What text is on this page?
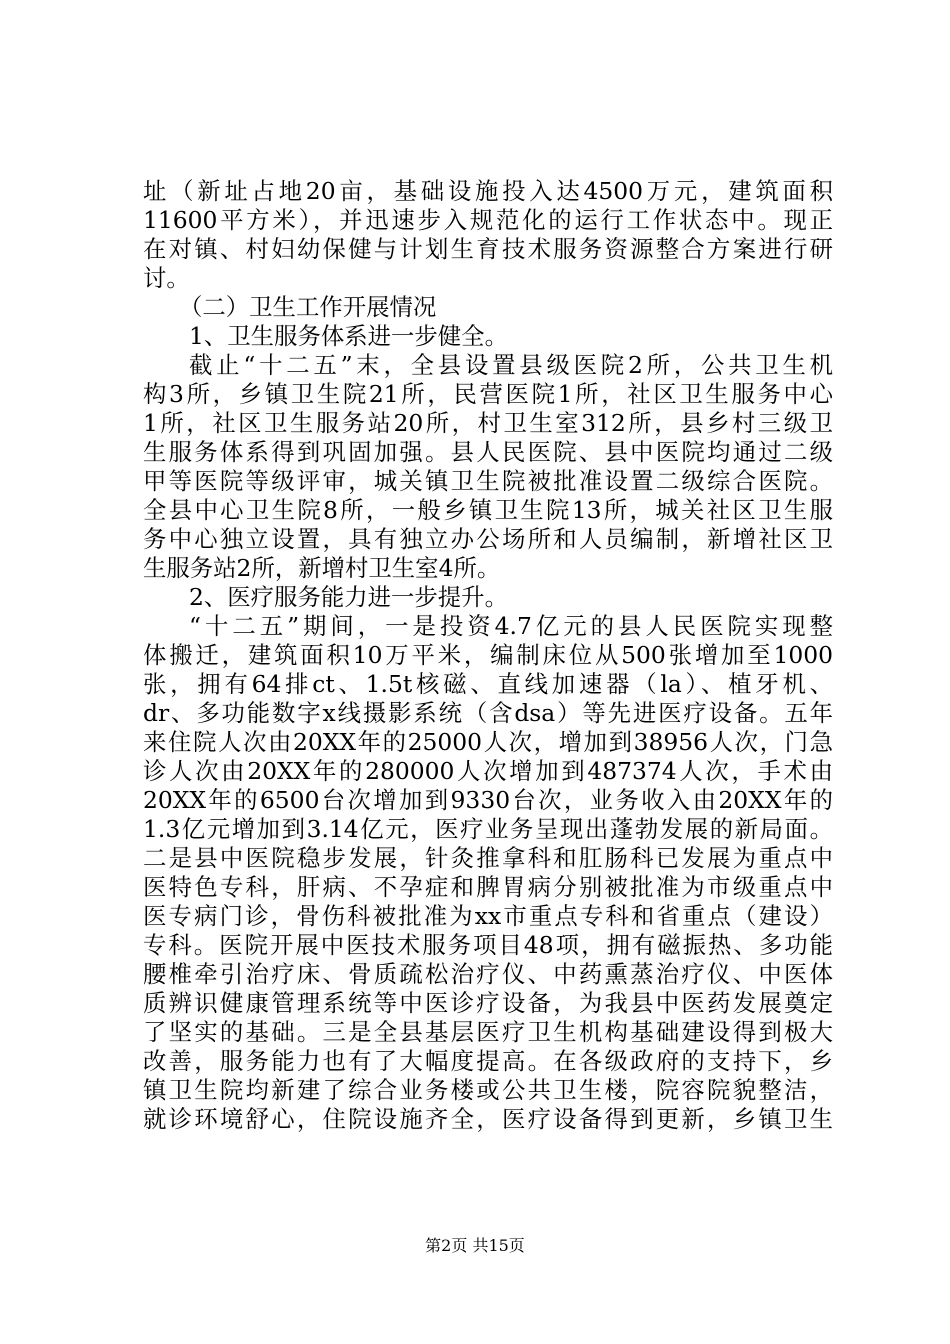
址（新址占地20亩，基础设施投入达4500万元，建筑面积
11600平方米），并迅速步入规范化的运行工作状态中。现正
在对镇、村妇幼保健与计划生育技术服务资源整合方案进行研
讨。
（二）卫生工作开展情况
1、卫生服务体系进一步健全。
截止“十二五”末，全县设置县级医院2所，公共卫生机
构3所，乡镇卫生院21所，民营医院1所，社区卫生服务中心
1所，社区卫生服务站20所，村卫生室312所，县乡村三级卫
生服务体系得到巩固加强。县人民医院、县中医院均通过二级
甲等医院等级评审，城关镇卫生院被批准设置二级综合医院。
全县中心卫生院8所，一般乡镇卫生院13所，城关社区卫生服
务中心独立设置，具有独立办公场所和人员编制，新增社区卫
生服务站2所，新增村卫生室4所。
2、医疗服务能力进一步提升。
“十二五”期间，一是投资4.7亿元的县人民医院实现整
体搬迁，建筑面积10万平米，编制床位从500张增加至1000
张，拥有64排ct、1.5t核磁、直线加速器（la）、植牙机、
dr、多功能数字x线摄影系统（含dsa）等先进医疗设备。五年
来住院人次由20XX年的25000人次，增加到38956人次，门急
诊人次由20XX年的280000人次增加到487374人次，手术由
20XX年的6500台次增加到9330台次，业务收入由20XX年的
1.3亿元增加到3.14亿元，医疗业务呈现出蓬勃发展的新局面。
二是县中医院稳步发展，针灸推拿科和肛肠科已发展为重点中
医特色专科，肝病、不孕症和脾胃病分别被批准为市级重点中
医专病门诊，骨伤科被批准为xx市重点专科和省重点（建设）
专科。医院开展中医技术服务项目48项，拥有磁振热、多功能
腰椎牵引治疗床、骨质疏松治疗仪、中药熏蒸治疗仪、中医体
质辨识健康管理系统等中医诊疗设备，为我县中医药发展奠定
了坚实的基础。三是全县基层医疗卫生机构基础建设得到极大
改善，服务能力也有了大幅度提高。在各级政府的支持下，乡
镇卫生院均新建了综合业务楼或公共卫生楼，院容院貌整洁，
就诊环境舒心，住院设施齐全，医疗设备得到更新，乡镇卫生
第2页 共15页
